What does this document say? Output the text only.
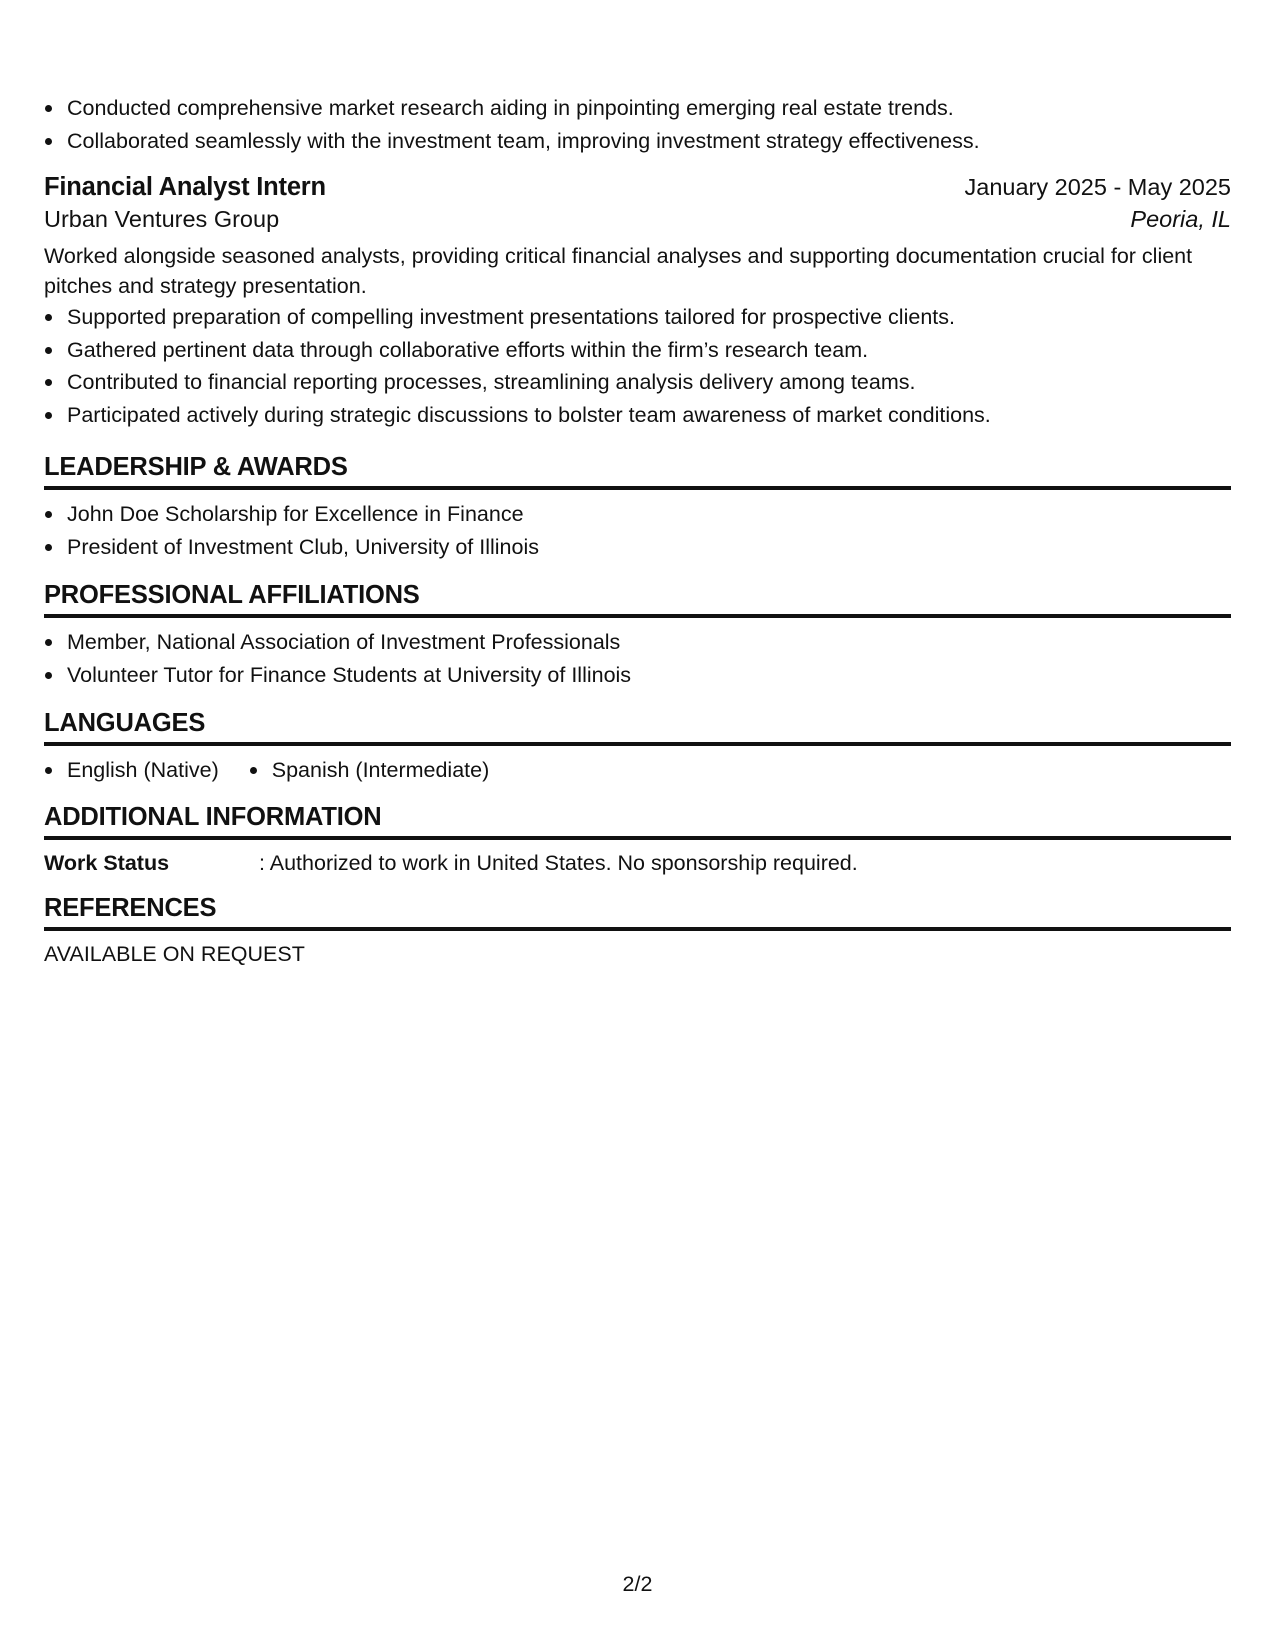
Conducted comprehensive market research aiding in pinpointing emerging real estate trends.
Collaborated seamlessly with the investment team, improving investment strategy effectiveness.
Financial Analyst Intern	January 2025 - May 2025
Urban Ventures Group	Peoria, IL
Worked alongside seasoned analysts, providing critical financial analyses and supporting documentation crucial for client pitches and strategy presentation.
Supported preparation of compelling investment presentations tailored for prospective clients.
Gathered pertinent data through collaborative efforts within the firm’s research team.
Contributed to financial reporting processes, streamlining analysis delivery among teams.
Participated actively during strategic discussions to bolster team awareness of market conditions.
LEADERSHIP & AWARDS
John Doe Scholarship for Excellence in Finance
President of Investment Club, University of Illinois
PROFESSIONAL AFFILIATIONS
Member, National Association of Investment Professionals
Volunteer Tutor for Finance Students at University of Illinois
LANGUAGES
English (Native)	Spanish (Intermediate)
ADDITIONAL INFORMATION
Work Status	: Authorized to work in United States. No sponsorship required.
REFERENCES
AVAILABLE ON REQUEST
2/2
